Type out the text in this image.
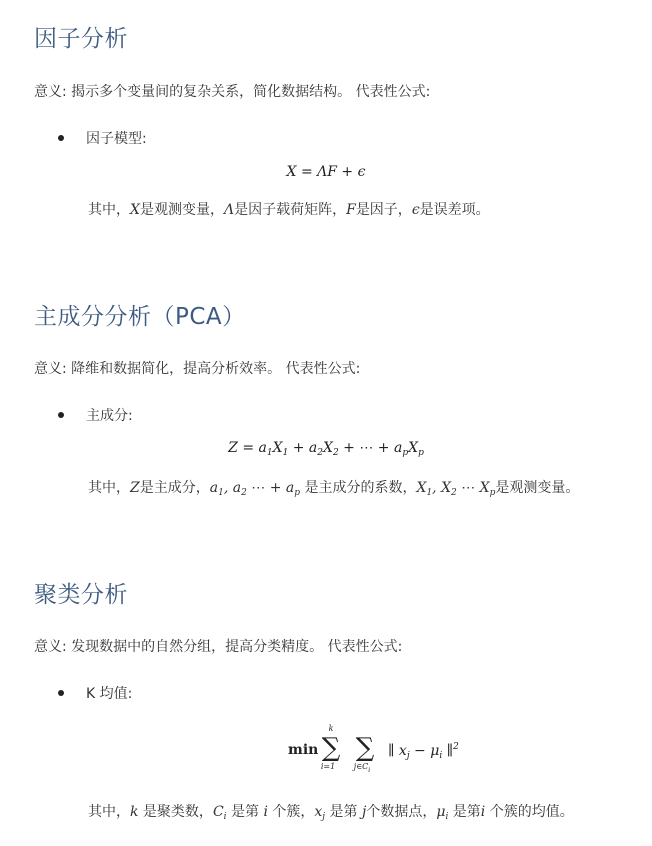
因子分析

意义: 揭示多个变量间的复杂关系，简化数据结构。 代表性公式:

因子模型:
X = ΛF + ϵ
其中，X是观测变量，Λ是因子载荷矩阵，F是因子，ϵ是误差项。
主成分分析（PCA）

意义: 降维和数据简化，提高分析效率。 代表性公式:

主成分:
$Z = a_1X_1 + a_2X_2$ + ⋯ + $a_pX_p$
其中，Z是主成分，$a_1$, $a_2$ ⋯ + $a_p$ 是主成分的系数，$X_1$, $X_2$ ⋯ $X_p$是观测变量。
聚类分析

意义: 发现数据中的自然分组，提高分类精度。 代表性公式:

K 均值:
min
k
∑
i=1
∑
$j\in C_i$
∥ $x_j - \mu_i$ ∥$^2$
其中，k 是聚类数，$C_i$ 是第 i 个簇，$x_j$ 是第 j个数据点，$\mu_i$ 是第i 个簇的均值。
